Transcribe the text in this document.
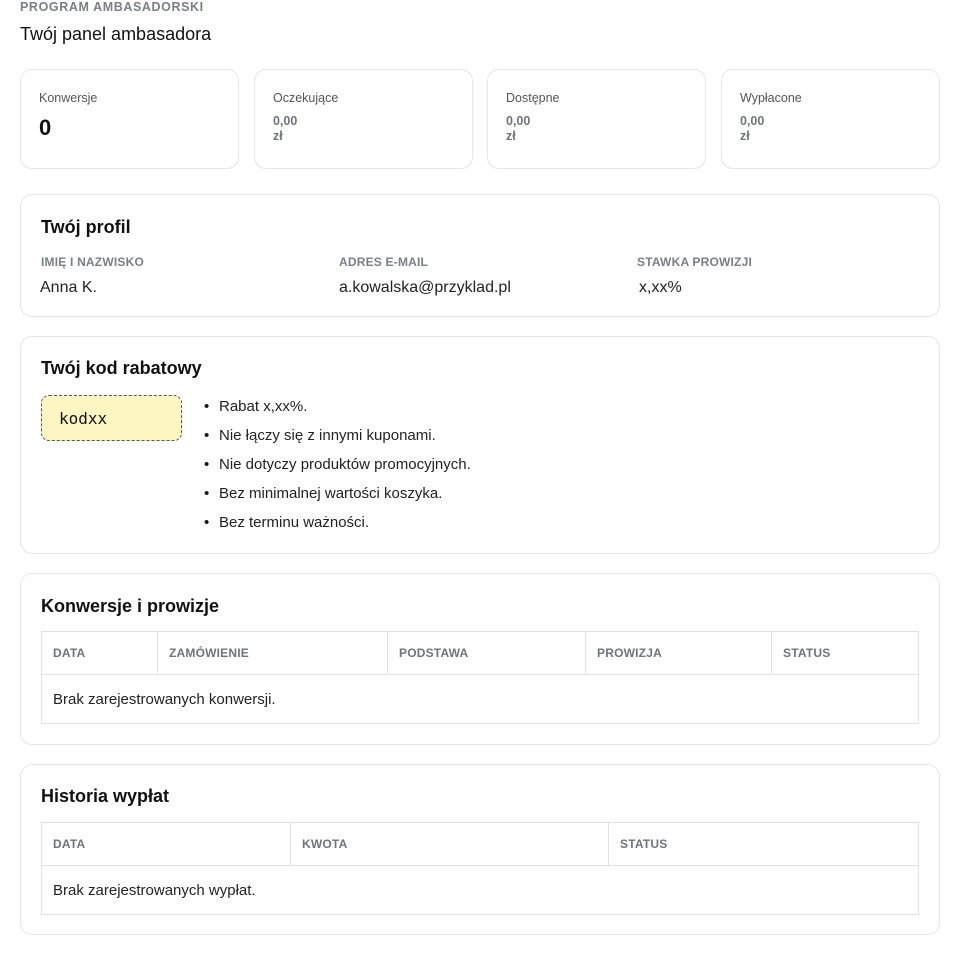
PROGRAM AMBASADORSKI
Twój panel ambasadora
Konwersje
0
Oczekujące
0,00
zł
Dostępne
0,00
zł
Wypłacone
0,00
zł
Twój profil
IMIĘ I NAZWISKO
Anna K.
ADRES E-MAIL
a.kowalska@przyklad.pl
STAWKA PROWIZJI
x,xx%
Twój kod rabatowy
kodxx
• Rabat x,xx%.
• Nie łączy się z innymi kuponami.
• Nie dotyczy produktów promocyjnych.
• Bez minimalnej wartości koszyka.
• Bez terminu ważności.
Konwersje i prowizje
DATA	ZAMÓWIENIE	PODSTAWA	PROWIZJA	STATUS
Brak zarejestrowanych konwersji.
Historia wypłat
DATA	KWOTA	STATUS
Brak zarejestrowanych wypłat.
